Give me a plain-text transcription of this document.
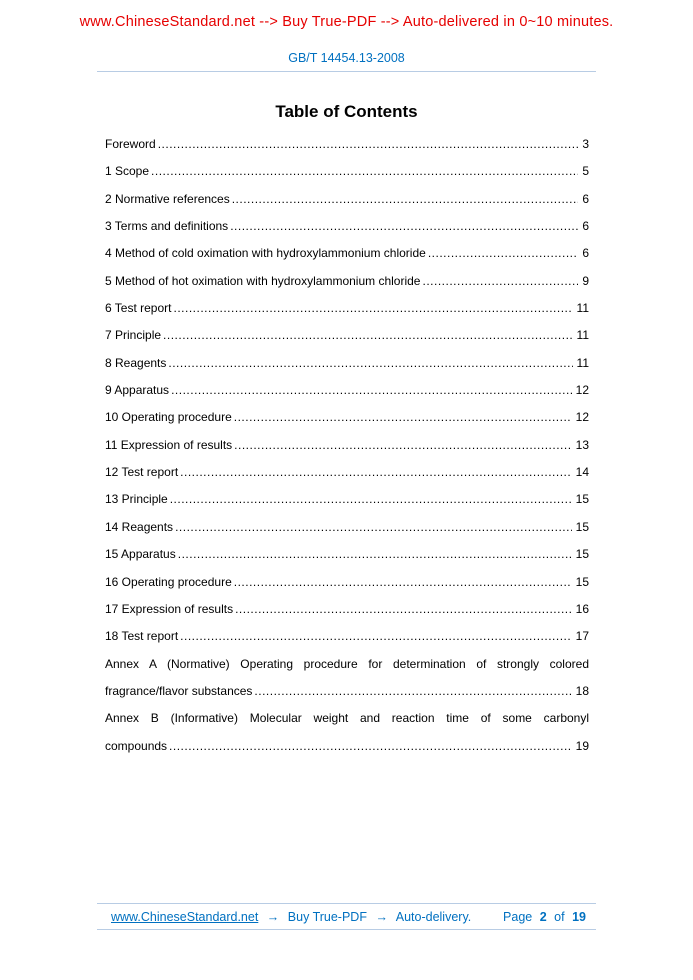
www.ChineseStandard.net --> Buy True-PDF --> Auto-delivered in 0~10 minutes.
GB/T 14454.13-2008
Table of Contents
Foreword .....	3
1 Scope .....	5
2 Normative references .....	6
3 Terms and definitions .....	6
4 Method of cold oximation with hydroxylammonium chloride .....	6
5 Method of hot oximation with hydroxylammonium chloride .....	9
6 Test report .....	11
7 Principle .....	11
8 Reagents .....	11
9 Apparatus .....	12
10 Operating procedure .....	12
11 Expression of results .....	13
12 Test report .....	14
13 Principle .....	15
14 Reagents .....	15
15 Apparatus .....	15
16 Operating procedure .....	15
17 Expression of results .....	16
18 Test report .....	17
Annex A (Normative) Operating procedure for determination of strongly colored
fragrance/flavor substances .....	18
Annex B (Informative) Molecular weight and reaction time of some carbonyl
compounds .....	19
www.ChineseStandard.net → Buy True-PDF → Auto-delivery.	Page 2 of 19
